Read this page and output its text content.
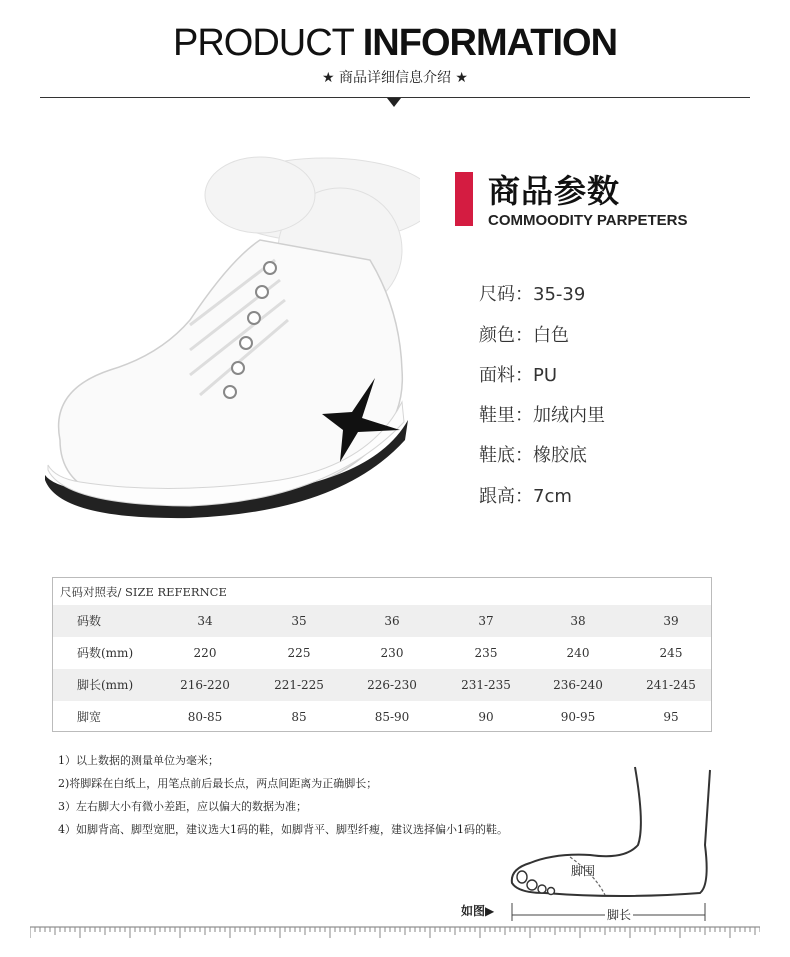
PRODUCT INFORMATION
★ 商品详细信息介绍 ★
商品参数
COMMOODITY PARPETERS
尺码：35-39
颜色：白色
面料：PU
鞋里：加绒内里
鞋底：橡胶底
跟高：7cm
尺码对照表/ SIZE REFERNCE
码数	34	35	36	37	38	39
码数(mm)	220	225	230	235	240	245
脚长(mm)	216-220	221-225	226-230	231-235	236-240	241-245
脚宽	80-85	85	85-90	90	90-95	95
1）以上数据的测量单位为毫米；
2)将脚踩在白纸上，用笔点前后最长点，两点间距离为正确脚长；
3）左右脚大小有微小差距，应以偏大的数据为准；
4）如脚背高、脚型宽肥，建议选大1码的鞋，如脚背平、脚型纤瘦，建议选择偏小1码的鞋。
脚围
脚长
如图▶
